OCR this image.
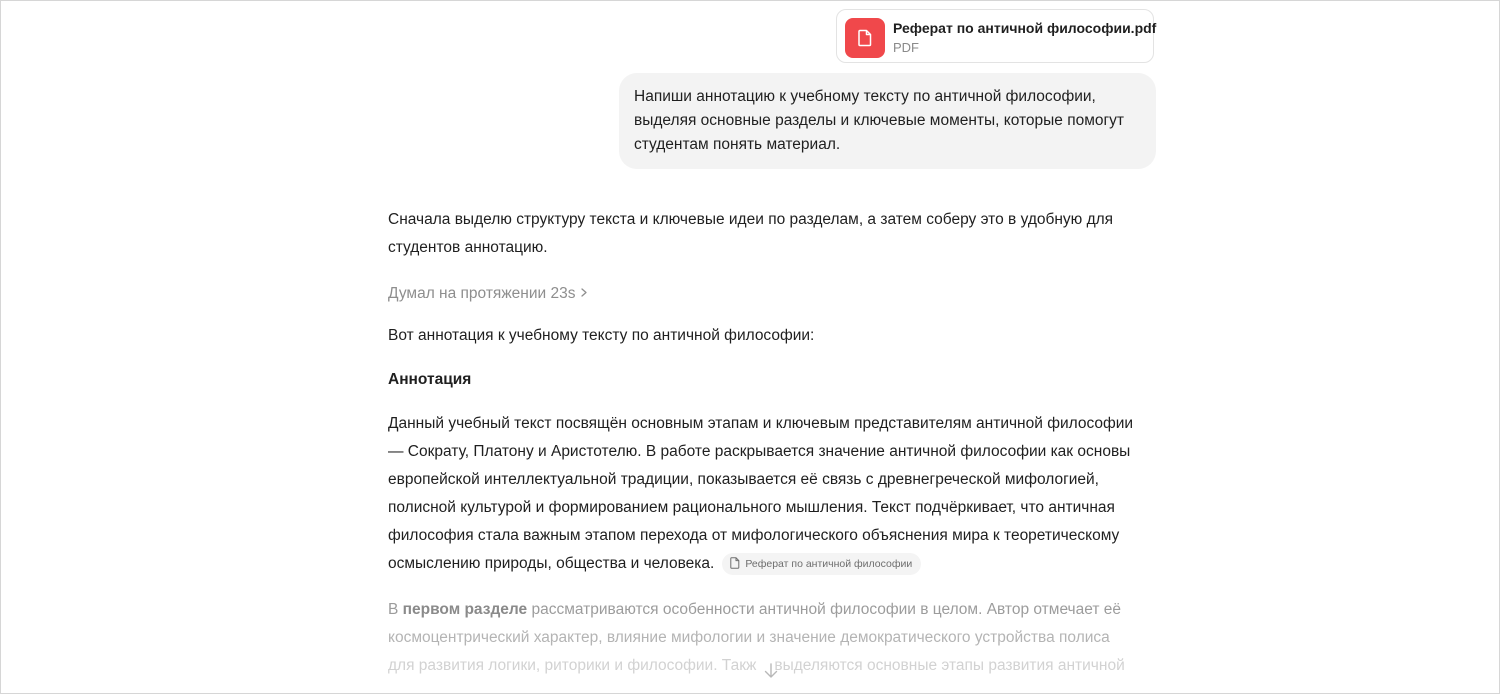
Реферат по античной философии.pdf
PDF
Напиши аннотацию к учебному тексту по античной философии,
выделяя основные разделы и ключевые моменты, которые помогут
студентам понять материал.
Сначала выделю структуру текста и ключевые идеи по разделам, а затем соберу это в удобную для
студентов аннотацию.
Думал на протяжении 23s
Вот аннотация к учебному тексту по античной философии:
Аннотация
Данный учебный текст посвящён основным этапам и ключевым представителям античной философии
— Сократу, Платону и Аристотелю. В работе раскрывается значение античной философии как основы
европейской интеллектуальной традиции, показывается её связь с древнегреческой мифологией,
полисной культурой и формированием рационального мышления. Текст подчёркивает, что античная
философия стала важным этапом перехода от мифологического объяснения мира к теоретическому
осмыслению природы, общества и человека.	Реферат по античной философии
В первом разделе рассматриваются особенности античной философии в целом. Автор отмечает её
космоцентрический характер, влияние мифологии и значение демократического устройства полиса
для развития логики, риторики и философии. Такж выделяются основные этапы развития античной
